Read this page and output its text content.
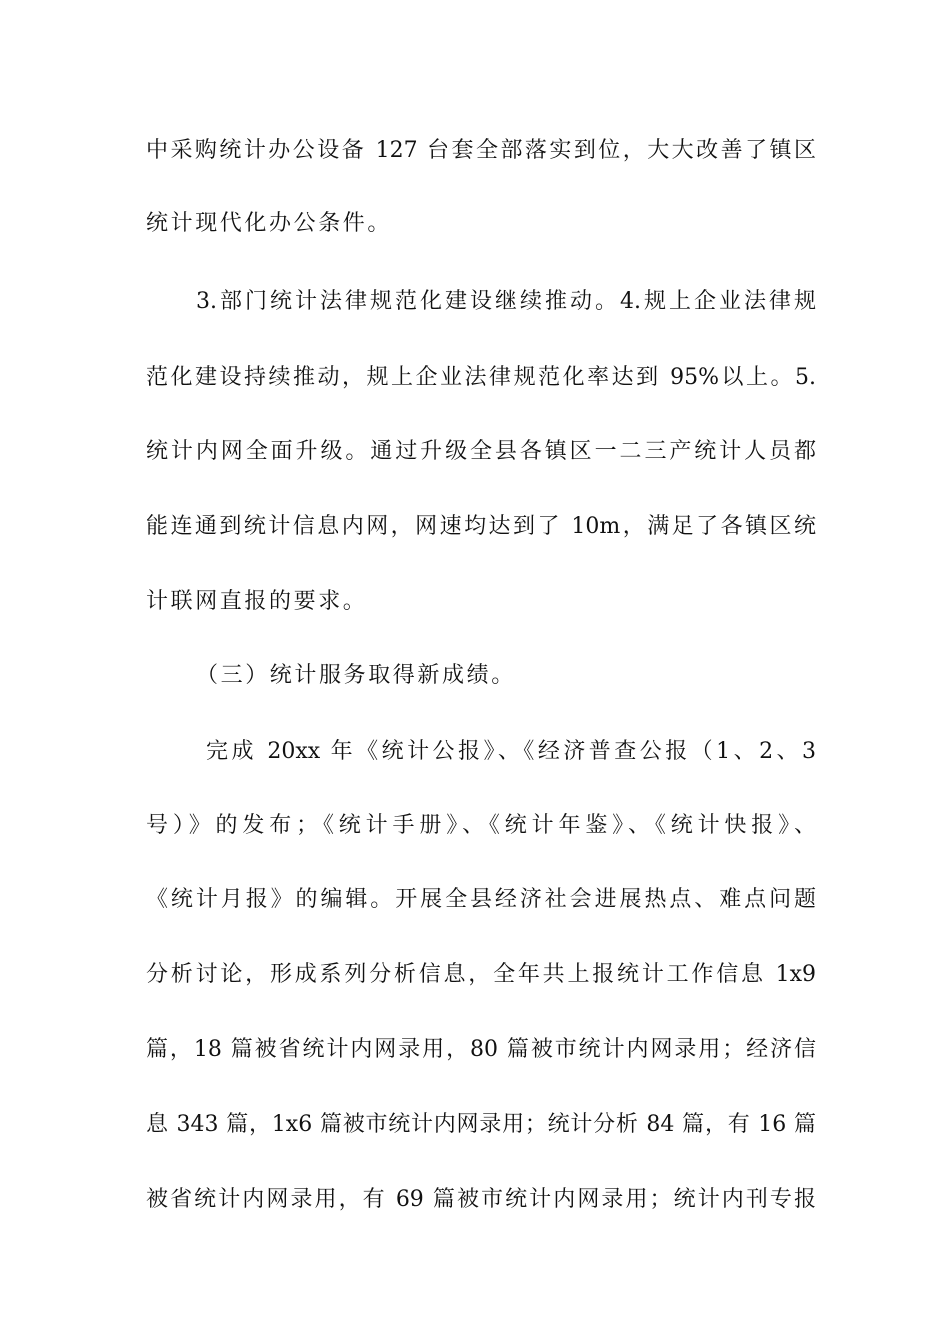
中采购统计办公设备 127 台套全部落实到位，大大改善了镇区
统计现代化办公条件。
3.部门统计法律规范化建设继续推动。4.规上企业法律规
范化建设持续推动，规上企业法律规范化率达到 95%以上。5.
统计内网全面升级。通过升级全县各镇区一二三产统计人员都
能连通到统计信息内网，网速均达到了 10m，满足了各镇区统
计联网直报的要求。
（三）统计服务取得新成绩。
完成 20xx 年《统计公报》、《经济普查公报（1、2、3
号）》的发布；《统计手册》、《统计年鉴》、《统计快报》、
《统计月报》的编辑。开展全县经济社会进展热点、难点问题
分析讨论，形成系列分析信息，全年共上报统计工作信息 1x9
篇，18 篇被省统计内网录用，80 篇被市统计内网录用；经济信
息 343 篇，1x6 篇被市统计内网录用；统计分析 84 篇，有 16 篇
被省统计内网录用，有 69 篇被市统计内网录用；统计内刊专报
